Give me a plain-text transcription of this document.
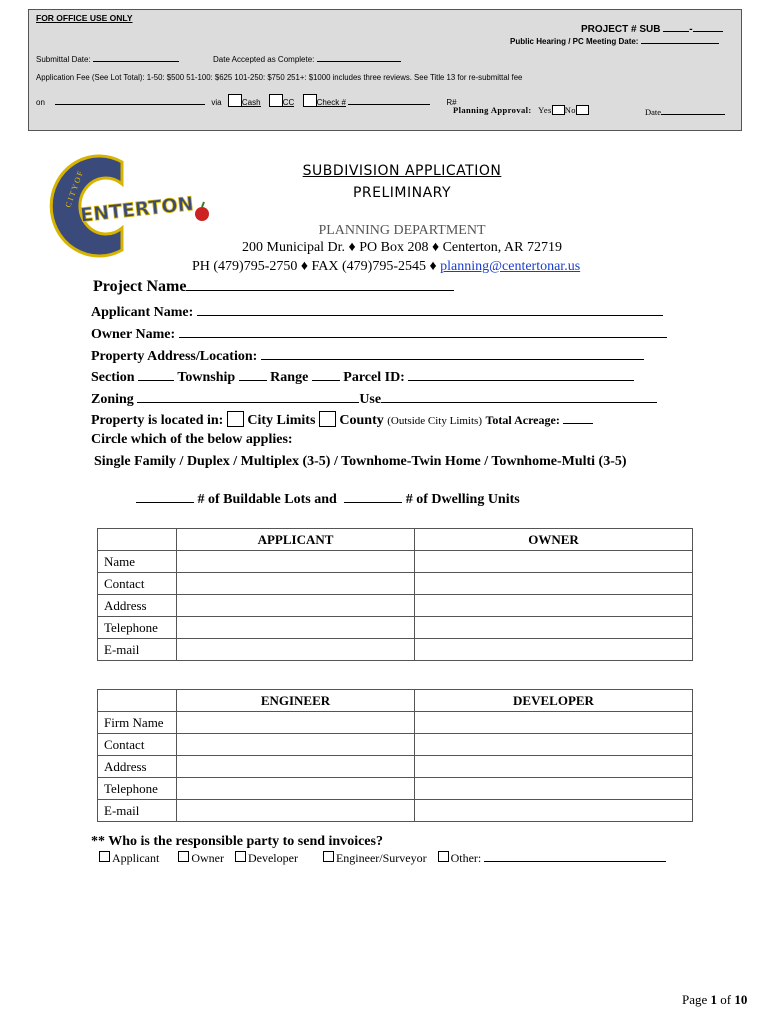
FOR OFFICE USE ONLY
PROJECT # SUB	-
Public Hearing / PC Meeting Date:
Submittal Date:	Date Accepted as Complete:
Application Fee (See Lot Total): 1-50: $500 51-100: $625 101-250: $750 251+: $1000 includes three reviews. See Title 13 for re-submittal fee
on	via	Cash	CC	Check #	R#
Planning Approval: Yes No	Date
C I T Y O F
ENTERTON
SUBDIVISION APPLICATION
PRELIMINARY
PLANNING DEPARTMENT
200 Municipal Dr. ♦ PO Box 208 ♦ Centerton, AR 72719
PH (479)795-2750 ♦ FAX (479)795-2545 ♦ planning@centertonar.us
Project Name
Applicant Name:
Owner Name:
Property Address/Location:
Section	Township	Range	Parcel ID:
Zoning	Use
Property is located in: City Limits County (Outside City Limits) Total Acreage:
Circle which of the below applies:
Single Family / Duplex / Multiplex (3-5) / Townhome-Twin Home / Townhome-Multi (3-5)
# of Buildable Lots and	# of Dwelling Units
	APPLICANT	OWNER
Name		
Contact		
Address		
Telephone		
E-mail		
	ENGINEER	DEVELOPER
Firm Name		
Contact		
Address		
Telephone		
E-mail		
** Who is the responsible party to send invoices?
Applicant	Owner Developer	Engineer/Surveyor Other:
Page 1 of 10
